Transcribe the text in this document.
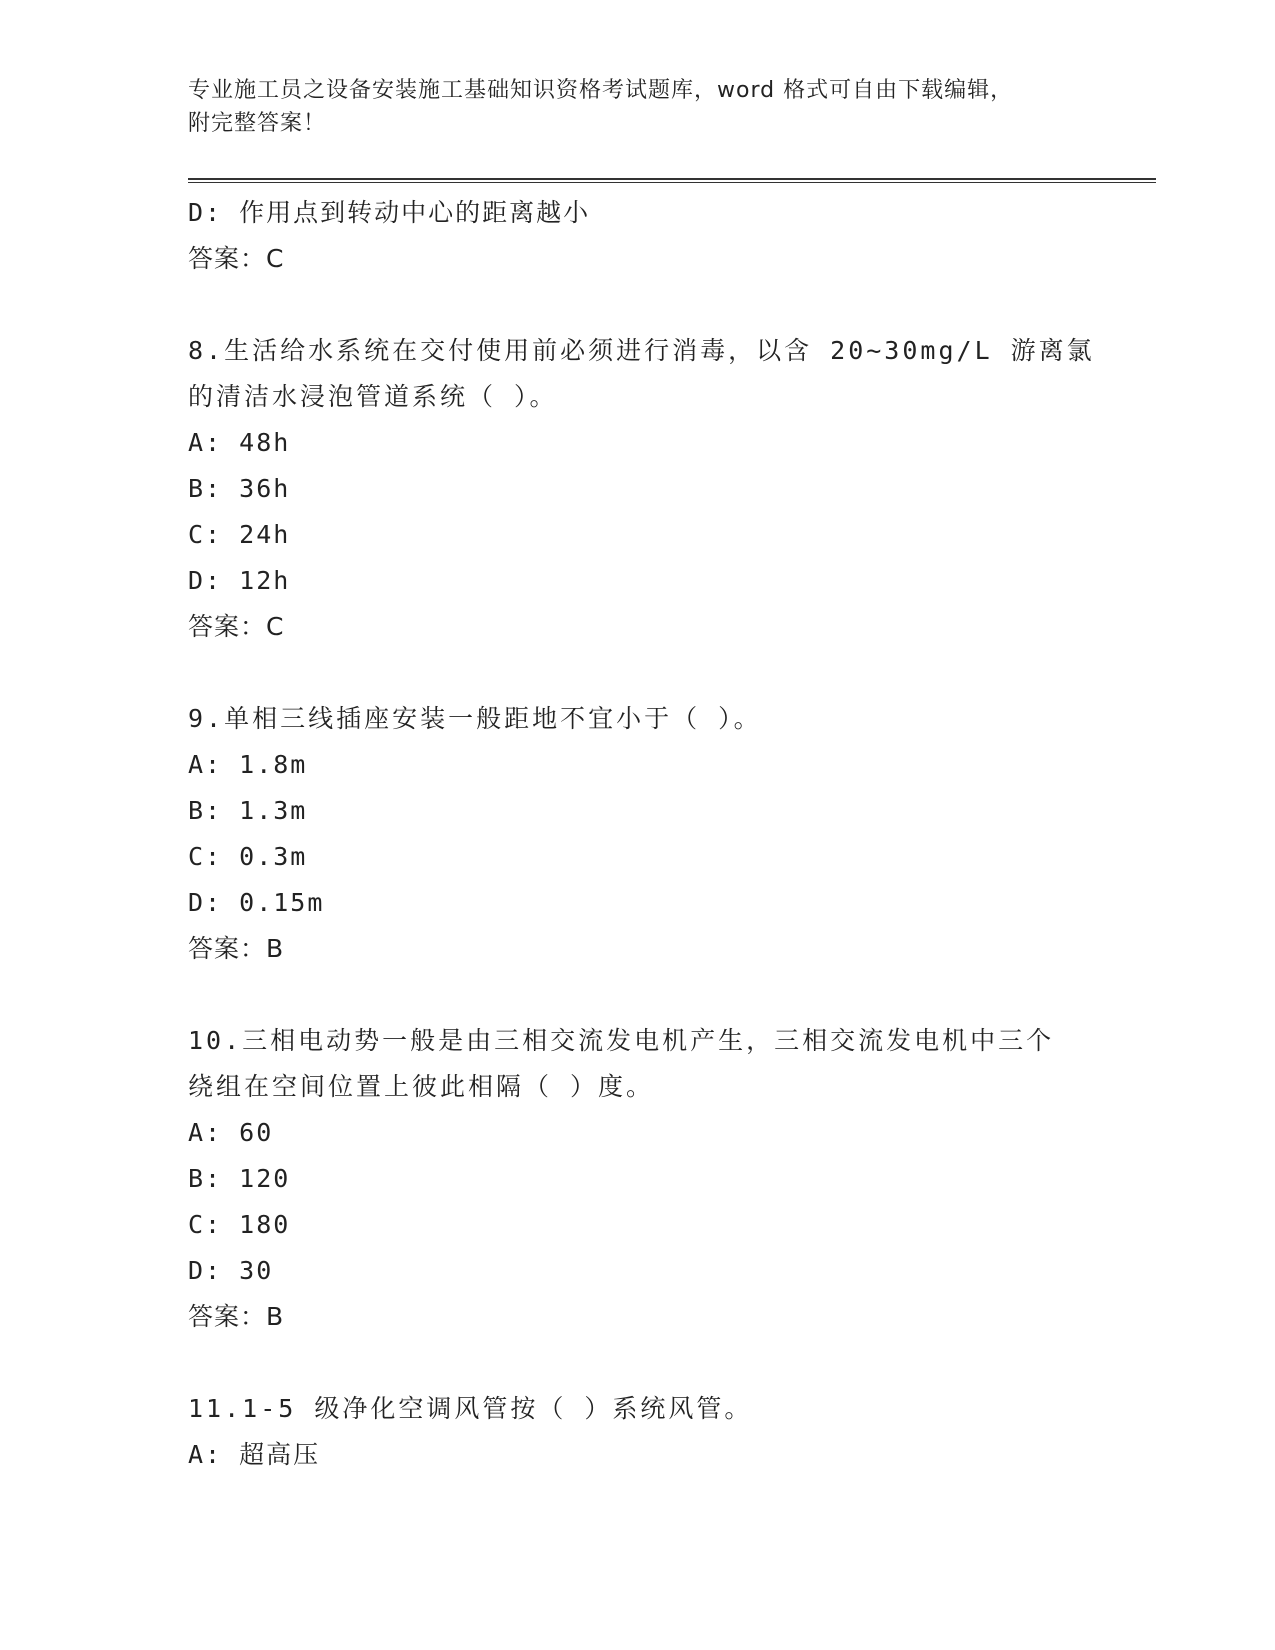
专业施工员之设备安装施工基础知识资格考试题库，word 格式可自由下载编辑，
附完整答案！
D: 作用点到转动中心的距离越小
答案：C
8.生活给水系统在交付使用前必须进行消毒，以含 20~30mg/L 游离氯
的清洁水浸泡管道系统（ ）。
A: 48h
B: 36h
C: 24h
D: 12h
答案：C
9.单相三线插座安装一般距地不宜小于（ ）。
A: 1.8m
B: 1.3m
C: 0.3m
D: 0.15m
答案：B
10.三相电动势一般是由三相交流发电机产生，三相交流发电机中三个
绕组在空间位置上彼此相隔（ ）度。
A: 60
B: 120
C: 180
D: 30
答案：B
11.1-5 级净化空调风管按（ ）系统风管。
A: 超高压
